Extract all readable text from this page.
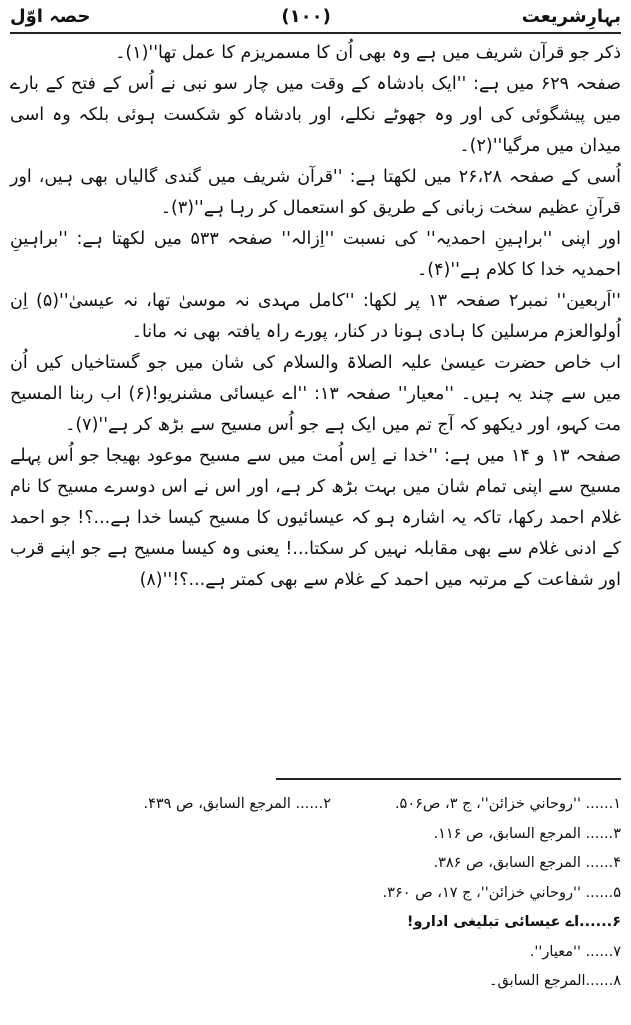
بہارِشریعت
(۱۰۰)
حصہ اوّل

ذکر جو قرآن شریف میں ہے وہ بھی اُن کا مسمریزم کا عمل تھا''(۱)۔

صفحہ ۶۲۹ میں ہے: ''ایک بادشاہ کے وقت میں چار سو نبی نے اُس کے فتح کے بارے میں پیشگوئی کی اور وہ جھوٹے نکلے، اور بادشاہ کو شکست ہوئی بلکہ وہ اسی میدان میں مرگیا''(۲)۔

اُسی کے صفحہ ۲۶،۲۸ میں لکھتا ہے: ''قرآن شریف میں گندی گالیاں بھی ہیں، اور قرآنِ عظیم سخت زبانی کے طریق کو استعمال کر رہا ہے''(۳)۔

اور اپنی ''براہینِ احمدیہ'' کی نسبت ''اِزالہ'' صفحہ ۵۳۳ میں لکھتا ہے: ''براہینِ احمدیہ خدا کا کلام ہے''(۴)۔

''اَربعین'' نمبر۲ صفحہ ۱۳ پر لکھا: ''کامل مہدی نہ موسیٰ تھا، نہ عیسیٰ''(۵) اِن اُولوالعزم مرسلین کا ہادی ہونا در کنار، پورے راہ یافتہ بھی نہ مانا۔

اب خاص حضرت عیسیٰ علیہ الصلاۃ والسلام کی شان میں جو گستاخیاں کیں اُن میں سے چند یہ ہیں۔ ''معیار'' صفحہ ۱۳: ''اے عیسائی مشنریو!(۶) اب ربنا المسیح مت کہو، اور دیکھو کہ آج تم میں ایک ہے جو اُس مسیح سے بڑھ کر ہے''(۷)۔

صفحہ ۱۳ و ۱۴ میں ہے: ''خدا نے اِس اُمت میں سے مسیح موعود بھیجا جو اُس پہلے مسیح سے اپنی تمام شان میں بہت بڑھ کر ہے، اور اس نے اس دوسرے مسیح کا نام غلام احمد رکھا، تاکہ یہ اشارہ ہو کہ عیسائیوں کا مسیح کیسا خدا ہے...؟! جو احمد کے ادنی غلام سے بھی مقابلہ نہیں کر سکتا...! یعنی وہ کیسا مسیح ہے جو اپنے قرب اور شفاعت کے مرتبہ میں احمد کے غلام سے بھی کمتر ہے...؟!''(۸)

۱...... ''روحاني خزائن''، ج ۳، ص۵۰۶.
۲...... المرجع السابق، ص ۴۳۹.
۳...... المرجع السابق، ص ۱۱۶.
۴...... المرجع السابق، ص ۳۸۶.
۵...... ''روحاني خزائن''، ج ۱۷، ص ۳۶۰.
۶......اے عیسائی تبلیغی ادارو!
۷...... ''معیار''.
۸......المرجع السابق۔
